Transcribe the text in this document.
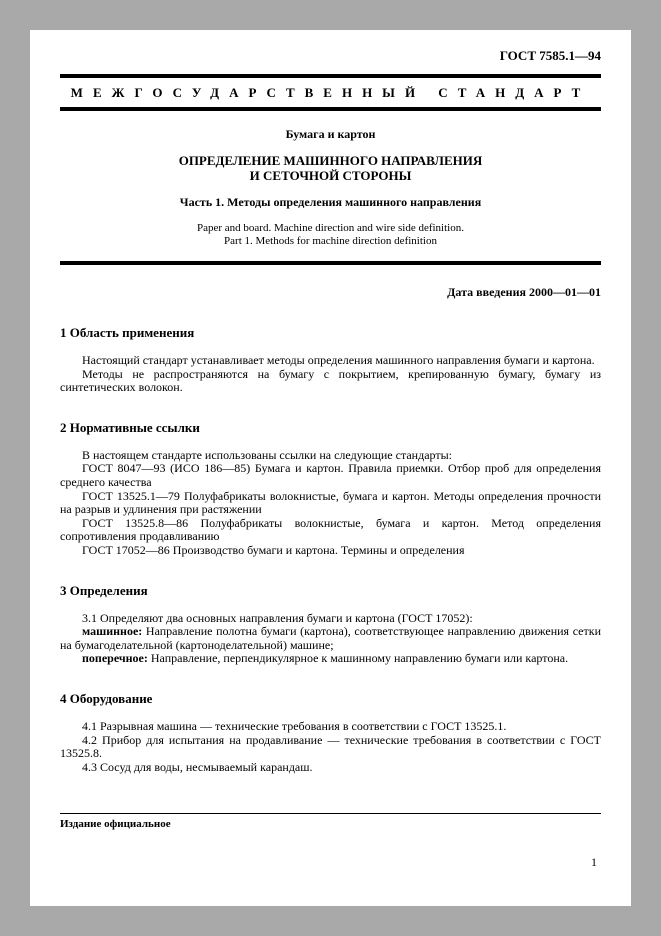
ГОСТ 7585.1—94
МЕЖГОСУДАРСТВЕННЫЙ СТАНДАРТ
Бумага и картон
ОПРЕДЕЛЕНИЕ МАШИННОГО НАПРАВЛЕНИЯ
И СЕТОЧНОЙ СТОРОНЫ
Часть 1. Методы определения машинного направления
Paper and board. Machine direction and wire side definition.
Part 1. Methods for machine direction definition
Дата введения 2000—01—01
1 Область применения

Настоящий стандарт устанавливает методы определения машинного направления бумаги и картона.

Методы не распространяются на бумагу с покрытием, крепированную бумагу, бумагу из синтетических волокон.

2 Нормативные ссылки

В настоящем стандарте использованы ссылки на следующие стандарты:

ГОСТ 8047—93 (ИСО 186—85) Бумага и картон. Правила приемки. Отбор проб для определения среднего качества

ГОСТ 13525.1—79 Полуфабрикаты волокнистые, бумага и картон. Методы определения прочности на разрыв и удлинения при растяжении

ГОСТ 13525.8—86 Полуфабрикаты волокнистые, бумага и картон. Метод определения сопротивления продавливанию

ГОСТ 17052—86 Производство бумаги и картона. Термины и определения

3 Определения

3.1 Определяют два основных направления бумаги и картона (ГОСТ 17052):

машинное: Направление полотна бумаги (картона), соответствующее направлению движения сетки на бумагоделательной (картоноделательной) машине;

поперечное: Направление, перпендикулярное к машинному направлению бумаги или картона.

4 Оборудование

4.1 Разрывная машина — технические требования в соответствии с ГОСТ 13525.1.

4.2 Прибор для испытания на продавливание — технические требования в соответствии с ГОСТ 13525.8.

4.3 Сосуд для воды, несмываемый карандаш.

Издание официальное
1
